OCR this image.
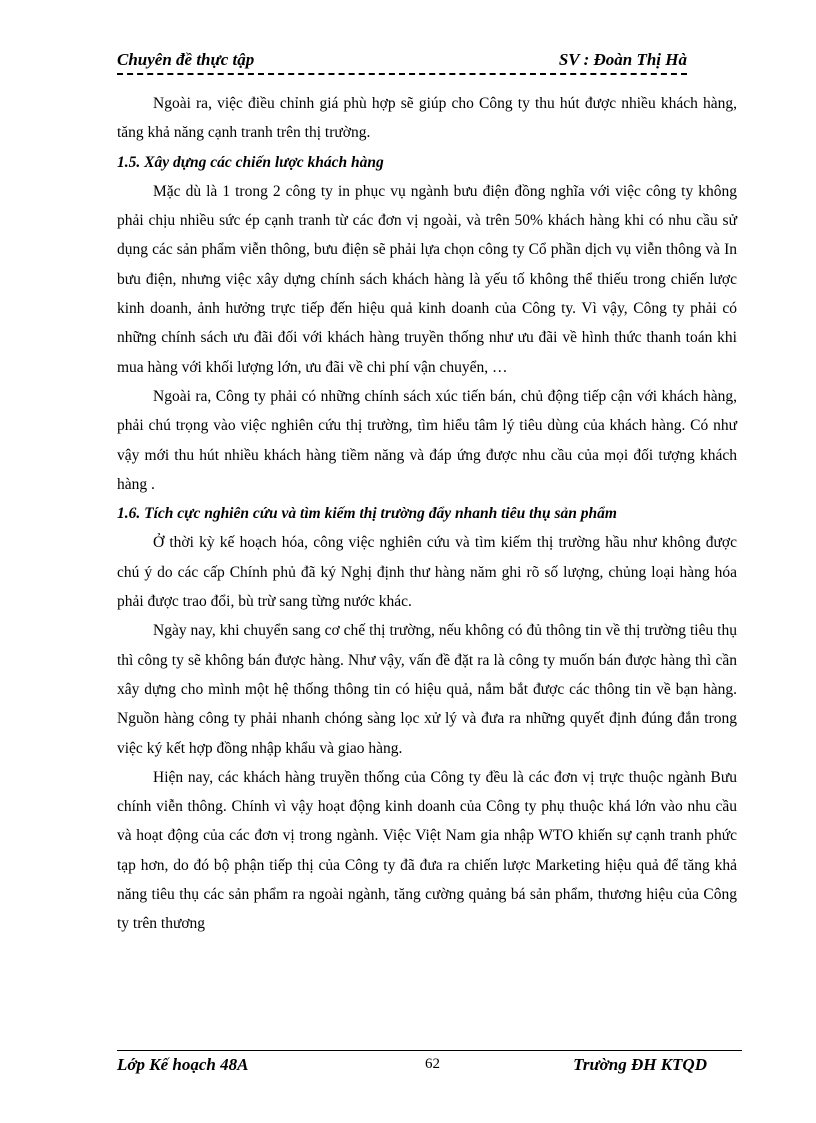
Chuyên đề thực tập	SV : Đoàn Thị Hà

Ngoài ra, việc điều chỉnh giá phù hợp sẽ giúp cho Công ty thu hút được nhiều khách hàng, tăng khả năng cạnh tranh trên thị trường.

1.5. Xây dựng các chiến lược khách hàng

Mặc dù là 1 trong 2 công ty in phục vụ ngành bưu điện đồng nghĩa với việc công ty không phải chịu nhiều sức ép cạnh tranh từ các đơn vị ngoài, và trên 50% khách hàng khi có nhu cầu sử dụng các sản phẩm viễn thông, bưu điện sẽ phải lựa chọn công ty Cổ phần dịch vụ viễn thông và In bưu điện, nhưng việc xây dựng chính sách khách hàng là yếu tố không thể thiếu trong chiến lược kinh doanh, ảnh hưởng trực tiếp đến hiệu quả kinh doanh của Công ty. Vì vậy, Công ty phải có những chính sách ưu đãi đối với khách hàng truyền thống như ưu đãi về hình thức thanh toán khi mua hàng với khối lượng lớn, ưu đãi về chi phí vận chuyển, …

Ngoài ra, Công ty phải có những chính sách xúc tiến bán, chủ động tiếp cận với khách hàng, phải chú trọng vào việc nghiên cứu thị trường, tìm hiểu tâm lý tiêu dùng của khách hàng. Có như vậy mới thu hút nhiều khách hàng tiềm năng và đáp ứng được nhu cầu của mọi đối tượng khách hàng .

1.6. Tích cực nghiên cứu và tìm kiếm thị trường đẩy nhanh tiêu thụ sản phẩm

Ở thời kỳ kế hoạch hóa, công việc nghiên cứu và tìm kiếm thị trường hầu như không được chú ý do các cấp Chính phủ đã ký Nghị định thư hàng năm ghi rõ số lượng, chủng loại hàng hóa phải được trao đổi, bù trừ sang từng nước khác.

Ngày nay, khi chuyển sang cơ chế thị trường, nếu không có đủ thông tin về thị trường tiêu thụ thì công ty sẽ không bán được hàng. Như vậy, vấn đề đặt ra là công ty muốn bán được hàng thì cần xây dựng cho mình một hệ thống thông tin có hiệu quả, nắm bắt được các thông tin về bạn hàng. Nguồn hàng công ty phải nhanh chóng sàng lọc xử lý và đưa ra những quyết định đúng đắn trong việc ký kết hợp đồng nhập khẩu và giao hàng.

Hiện nay, các khách hàng truyền thống của Công ty đều là các đơn vị trực thuộc ngành Bưu chính viễn thông. Chính vì vậy hoạt động kinh doanh của Công ty phụ thuộc khá lớn vào nhu cầu và hoạt động của các đơn vị trong ngành. Việc Việt Nam gia nhập WTO khiến sự cạnh tranh phức tạp hơn, do đó bộ phận tiếp thị của Công ty đã đưa ra chiến lược Marketing hiệu quả để tăng khả năng tiêu thụ các sản phẩm ra ngoài ngành, tăng cường quảng bá sản phẩm, thương hiệu của Công ty trên thương

Lớp Kế hoạch 48A	62	Trường ĐH KTQD
